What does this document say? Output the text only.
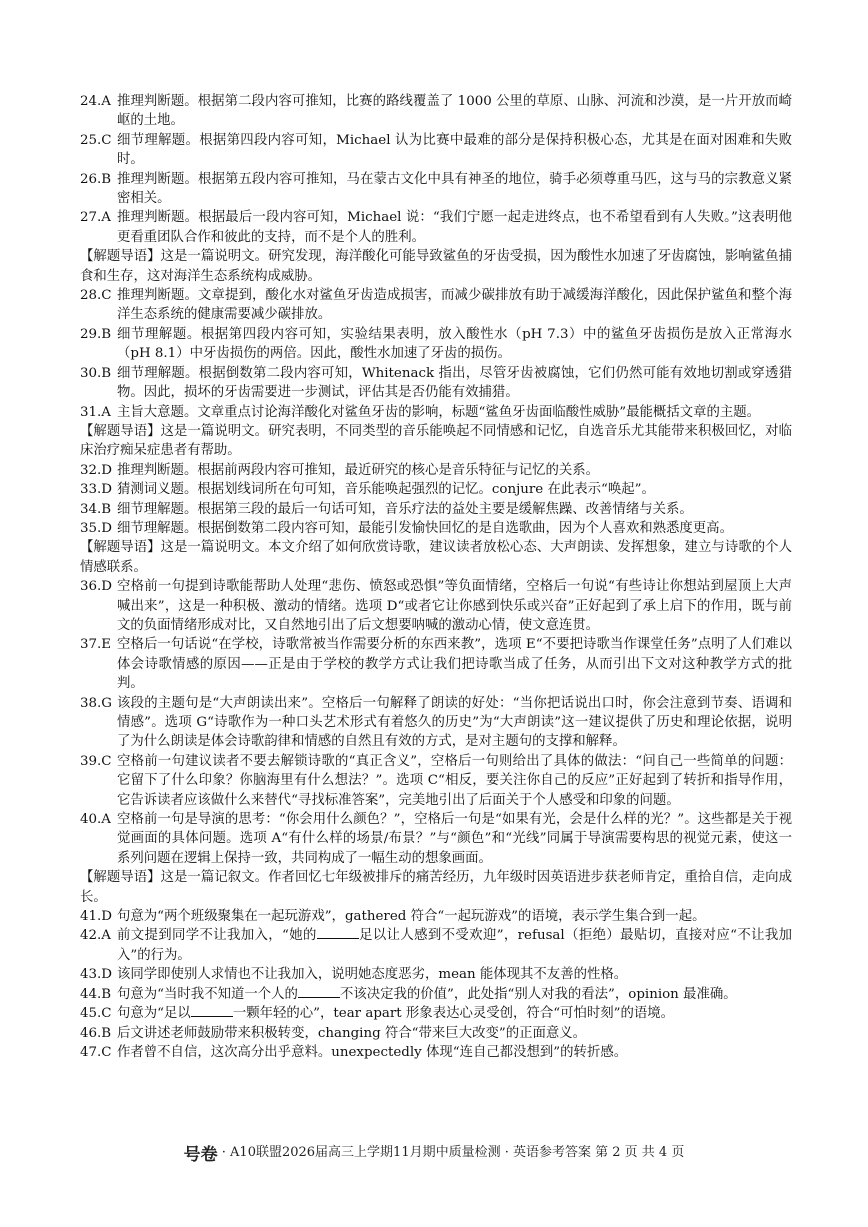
24.A 推理判断题。根据第二段内容可推知，比赛的路线覆盖了 1000 公里的草原、山脉、河流和沙漠，是一片开放而崎岖的土地。
25.C 细节理解题。根据第四段内容可知，Michael 认为比赛中最难的部分是保持积极心态，尤其是在面对困难和失败时。
26.B 推理判断题。根据第五段内容可推知，马在蒙古文化中具有神圣的地位，骑手必须尊重马匹，这与马的宗教意义紧密相关。
27.A 推理判断题。根据最后一段内容可知，Michael 说：“我们宁愿一起走进终点，也不希望看到有人失败。”这表明他更看重团队合作和彼此的支持，而不是个人的胜利。

【解题导语】这是一篇说明文。研究发现，海洋酸化可能导致鲨鱼的牙齿受损，因为酸性水加速了牙齿腐蚀，影响鲨鱼捕食和生存，这对海洋生态系统构成威胁。

28.C 推理判断题。文章提到，酸化水对鲨鱼牙齿造成损害，而减少碳排放有助于减缓海洋酸化，因此保护鲨鱼和整个海洋生态系统的健康需要减少碳排放。
29.B 细节理解题。根据第四段内容可知，实验结果表明，放入酸性水（pH 7.3）中的鲨鱼牙齿损伤是放入正常海水（pH 8.1）中牙齿损伤的两倍。因此，酸性水加速了牙齿的损伤。
30.B 细节理解题。根据倒数第二段内容可知，Whitenack 指出，尽管牙齿被腐蚀，它们仍然可能有效地切割或穿透猎物。因此，损坏的牙齿需要进一步测试，评估其是否仍能有效捕猎。
31.A 主旨大意题。文章重点讨论海洋酸化对鲨鱼牙齿的影响，标题“鲨鱼牙齿面临酸性威胁”最能概括文章的主题。

【解题导语】这是一篇说明文。研究表明，不同类型的音乐能唤起不同情感和记忆，自选音乐尤其能带来积极回忆，对临床治疗痴呆症患者有帮助。

32.D 推理判断题。根据前两段内容可推知，最近研究的核心是音乐特征与记忆的关系。
33.D 猜测词义题。根据划线词所在句可知，音乐能唤起强烈的记忆。conjure 在此表示“唤起”。
34.B 细节理解题。根据第三段的最后一句话可知，音乐疗法的益处主要是缓解焦躁、改善情绪与关系。
35.D 细节理解题。根据倒数第二段内容可知，最能引发愉快回忆的是自选歌曲，因为个人喜欢和熟悉度更高。

【解题导语】这是一篇说明文。本文介绍了如何欣赏诗歌，建议读者放松心态、大声朗读、发挥想象，建立与诗歌的个人情感联系。

36.D 空格前一句提到诗歌能帮助人处理“悲伤、愤怒或恐惧”等负面情绪，空格后一句说“有些诗让你想站到屋顶上大声喊出来”，这是一种积极、激动的情绪。选项 D“或者它让你感到快乐或兴奋”正好起到了承上启下的作用，既与前文的负面情绪形成对比，又自然地引出了后文想要呐喊的激动心情，使文意连贯。
37.E 空格后一句话说“在学校，诗歌常被当作需要分析的东西来教”，选项 E“不要把诗歌当作课堂任务”点明了人们难以体会诗歌情感的原因——正是由于学校的教学方式让我们把诗歌当成了任务，从而引出下文对这种教学方式的批判。
38.G 该段的主题句是“大声朗读出来”。空格后一句解释了朗读的好处：“当你把话说出口时，你会注意到节奏、语调和情感”。选项 G“诗歌作为一种口头艺术形式有着悠久的历史”为“大声朗读”这一建议提供了历史和理论依据，说明了为什么朗读是体会诗歌韵律和情感的自然且有效的方式，是对主题句的支撑和解释。
39.C 空格前一句建议读者不要去解锁诗歌的“真正含义”，空格后一句则给出了具体的做法：“问自己一些简单的问题：它留下了什么印象？你脑海里有什么想法？”。选项 C“相反，要关注你自己的反应”正好起到了转折和指导作用，它告诉读者应该做什么来替代“寻找标准答案”，完美地引出了后面关于个人感受和印象的问题。
40.A 空格前一句是导演的思考：“你会用什么颜色？”，空格后一句是“如果有光，会是什么样的光？”。这些都是关于视觉画面的具体问题。选项 A“有什么样的场景/布景？”与“颜色”和“光线”同属于导演需要构思的视觉元素，使这一系列问题在逻辑上保持一致，共同构成了一幅生动的想象画面。

【解题导语】这是一篇记叙文。作者回忆七年级被排斥的痛苦经历，九年级时因英语进步获老师肯定，重拾自信，走向成长。

41.D 句意为“两个班级聚集在一起玩游戏”，gathered 符合“一起玩游戏”的语境，表示学生集合到一起。
42.A 前文提到同学不让我加入，“她的	足以让人感到不受欢迎”，refusal（拒绝）最贴切，直接对应“不让我加入”的行为。
43.D 该同学即使别人求情也不让我加入，说明她态度恶劣，mean 能体现其不友善的性格。
44.B 句意为“当时我不知道一个人的	不该决定我的价值”，此处指“别人对我的看法”，opinion 最准确。
45.C 句意为“足以	一颗年轻的心”，tear apart 形象表达心灵受创，符合“可怕时刻”的语境。
46.B 后文讲述老师鼓励带来积极转变，changing 符合“带来巨大改变”的正面意义。
47.C 作者曾不自信，这次高分出乎意料。unexpectedly 体现“连自己都没想到”的转折感。
号卷 · A10联盟2026届高三上学期11月期中质量检测 · 英语参考答案 第 2 页 共 4 页
